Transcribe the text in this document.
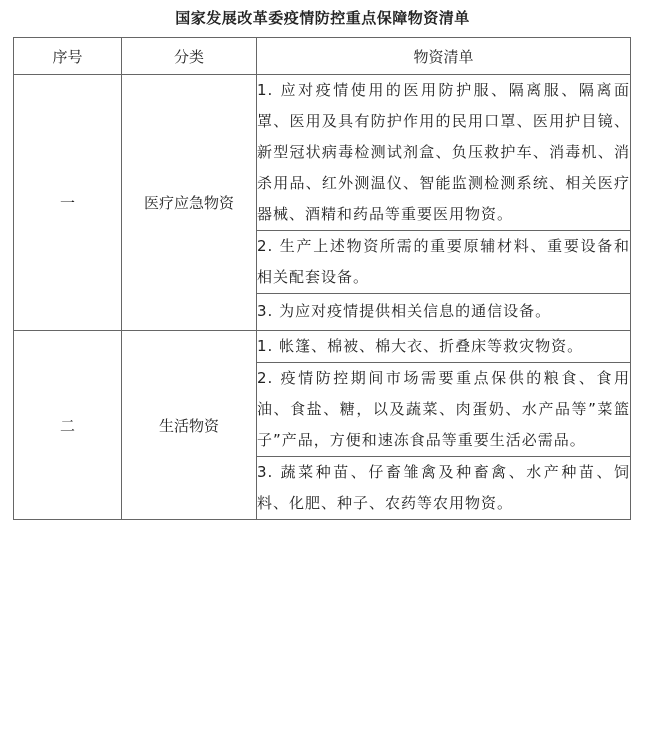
国家发展改革委疫情防控重点保障物资清单
序号	分类	物资清单
一	医疗应急物资	1. 应对疫情使用的医用防护服、隔离服、隔离面罩、医用及具有防护作用的民用口罩、医用护目镜、新型冠状病毒检测试剂盒、负压救护车、消毒机、消杀用品、红外测温仪、智能监测检测系统、相关医疗器械、酒精和药品等重要医用物资。
		2. 生产上述物资所需的重要原辅材料、重要设备和相关配套设备。
		3. 为应对疫情提供相关信息的通信设备。
二	生活物资	1. 帐篷、棉被、棉大衣、折叠床等救灾物资。
		2. 疫情防控期间市场需要重点保供的粮食、食用油、食盐、糖，以及蔬菜、肉蛋奶、水产品等”菜篮子”产品，方便和速冻食品等重要生活必需品。
		3. 蔬菜种苗、仔畜雏禽及种畜禽、水产种苗、饲料、化肥、种子、农药等农用物资。
